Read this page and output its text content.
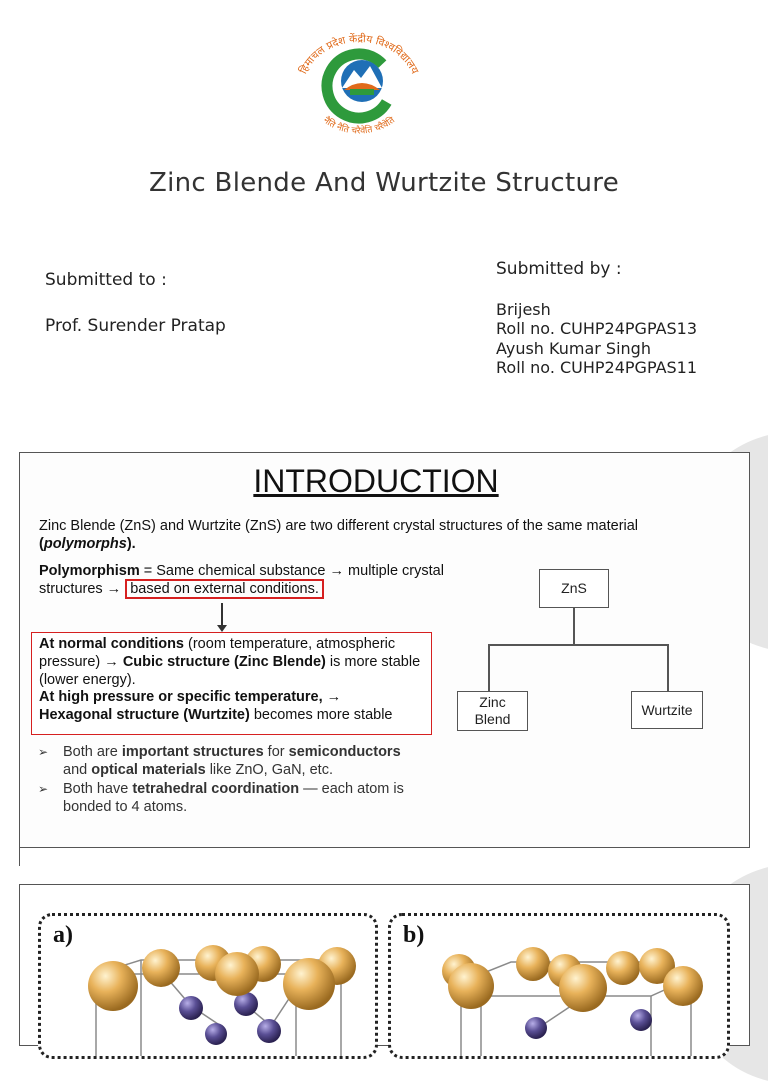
हिमाचल प्रदेश केंद्रीय विश्वविद्यालय
नैति नैति चरैवेति चरैवेति
Zinc Blende And Wurtzite Structure
Submitted to :
Prof. Surender Pratap
Submitted by :
Brijesh
Roll no. CUHP24PGPAS13
Ayush Kumar Singh
Roll no. CUHP24PGPAS11
INTRODUCTION
Zinc Blende (ZnS) and Wurtzite (ZnS) are two different crystal structures of the same material (polymorphs).
Polymorphism = Same chemical substance → multiple crystal structures → based on external conditions.
At normal conditions (room temperature, atmospheric pressure) → Cubic structure (Zinc Blende) is more stable (lower energy).
At high pressure or specific temperature, →
Hexagonal structure (Wurtzite) becomes more stable
➢ Both are important structures for semiconductors and optical materials like ZnO, GaN, etc.
➢ Both have tetrahedral coordination — each atom is bonded to 4 atoms.
ZnS
Zinc
Blend
Wurtzite
a)	b)
